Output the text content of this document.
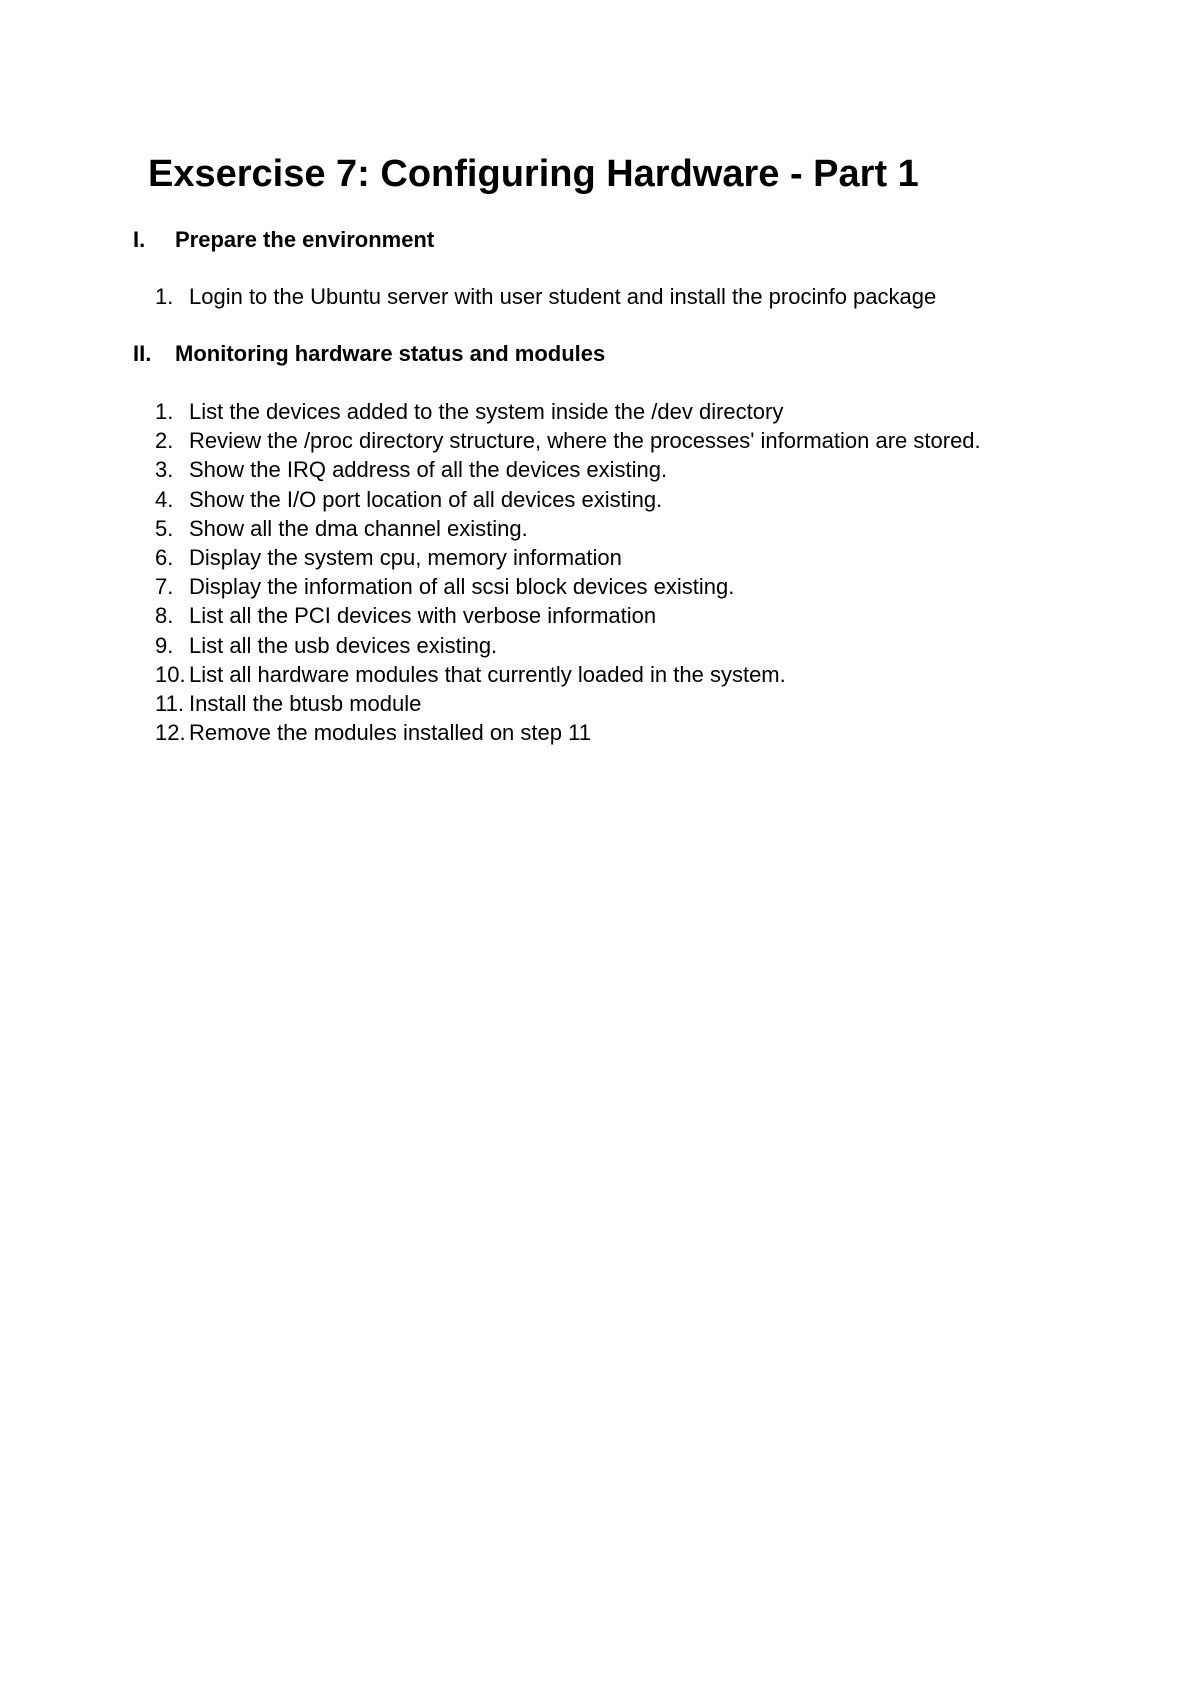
Exsercise 7: Configuring Hardware - Part 1
I. Prepare the environment
1. Login to the Ubuntu server with user student and install the procinfo package
II. Monitoring hardware status and modules
1. List the devices added to the system inside the /dev directory
2. Review the /proc directory structure, where the processes' information are stored.
3. Show the IRQ address of all the devices existing.
4. Show the I/O port location of all devices existing.
5. Show all the dma channel existing.
6. Display the system cpu, memory information
7. Display the information of all scsi block devices existing.
8. List all the PCI devices with verbose information
9. List all the usb devices existing.
10. List all hardware modules that currently loaded in the system.
11. Install the btusb module
12. Remove the modules installed on step 11
